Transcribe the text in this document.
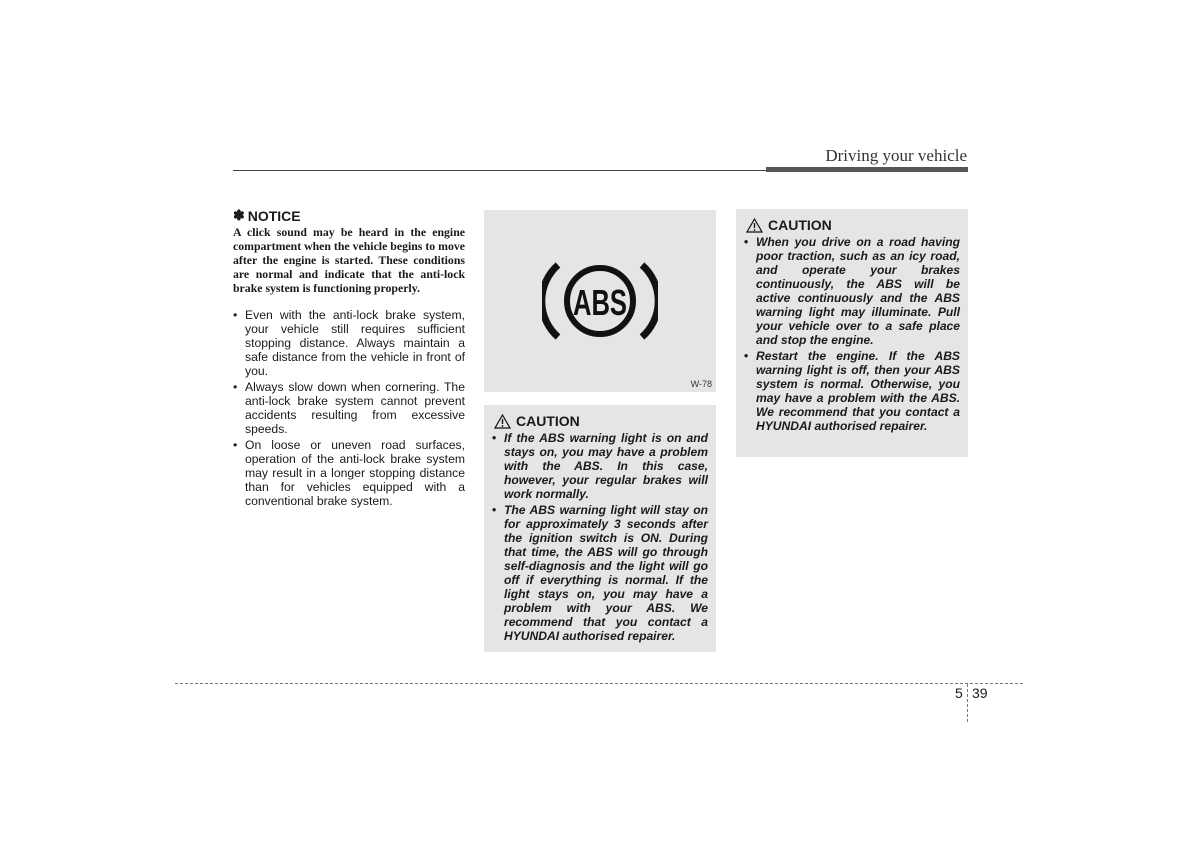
Driving your vehicle
✽ NOTICE

A click sound may be heard in the engine compartment when the vehicle begins to move after the engine is started. These conditions are normal and indicate that the anti-lock brake system is functioning properly.

• Even with the anti-lock brake system, your vehicle still requires sufficient stopping distance. Always maintain a safe distance from the vehicle in front of you.
• Always slow down when cornering. The anti-lock brake system cannot prevent accidents resulting from excessive speeds.
• On loose or uneven road surfaces, operation of the anti-lock brake system may result in a longer stopping distance than for vehicles equipped with a conventional brake system.
ABS
W-78
CAUTION
• If the ABS warning light is on and stays on, you may have a problem with the ABS. In this case, however, your regular brakes will work normally.
• The ABS warning light will stay on for approximately 3 seconds after the ignition switch is ON. During that time, the ABS will go through self-diagnosis and the light will go off if everything is normal. If the light stays on, you may have a problem with your ABS. We recommend that you contact a HYUNDAI authorised repairer.
CAUTION
• When you drive on a road having poor traction, such as an icy road, and operate your brakes continuously, the ABS will be active continuously and the ABS warning light may illuminate. Pull your vehicle over to a safe place and stop the engine.
• Restart the engine. If the ABS warning light is off, then your ABS system is normal. Otherwise, you may have a problem with the ABS. We recommend that you contact a HYUNDAI authorised repairer.
5 39
